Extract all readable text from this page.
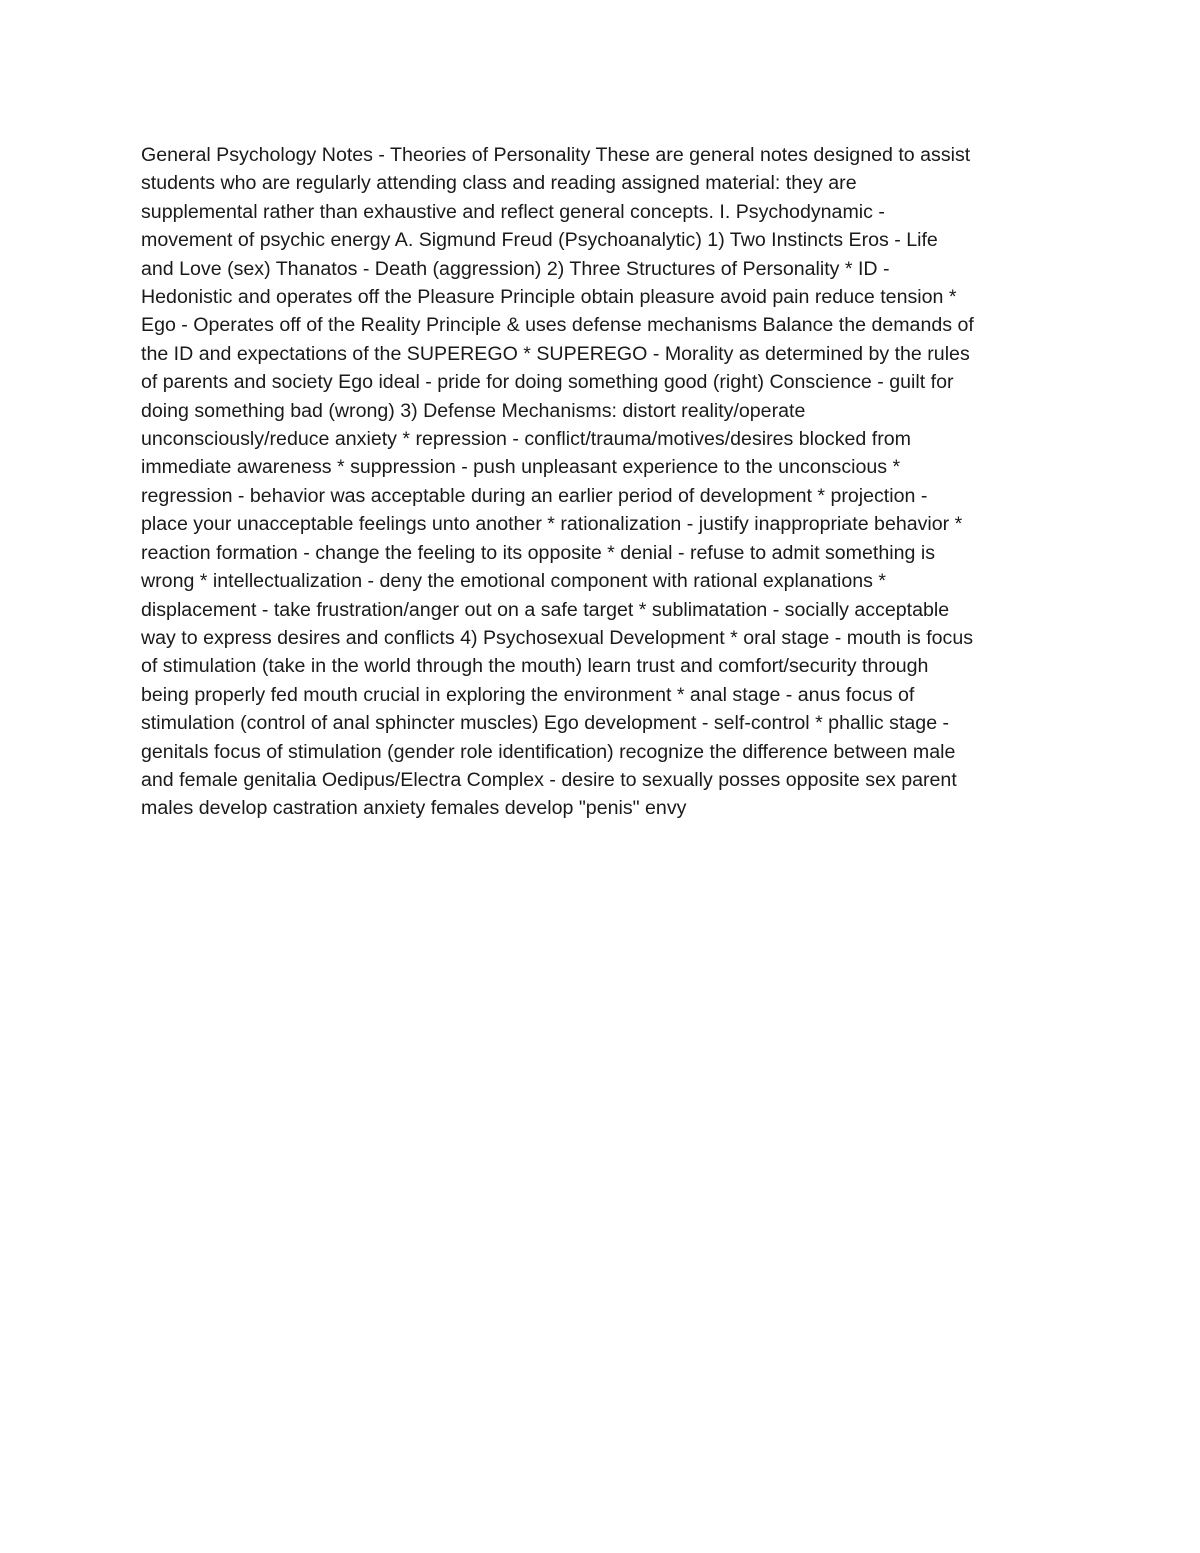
General Psychology Notes - Theories of Personality These are general notes designed to assist
students who are regularly attending class and reading assigned material: they are
supplemental rather than exhaustive and reflect general concepts. I. Psychodynamic -
movement of psychic energy A. Sigmund Freud (Psychoanalytic) 1) Two Instincts Eros - Life
and Love (sex) Thanatos - Death (aggression) 2) Three Structures of Personality * ID -
Hedonistic and operates off the Pleasure Principle obtain pleasure avoid pain reduce tension *
Ego - Operates off of the Reality Principle & uses defense mechanisms Balance the demands of
the ID and expectations of the SUPEREGO * SUPEREGO - Morality as determined by the rules
of parents and society Ego ideal - pride for doing something good (right) Conscience - guilt for
doing something bad (wrong) 3) Defense Mechanisms: distort reality/operate
unconsciously/reduce anxiety * repression - conflict/trauma/motives/desires blocked from
immediate awareness * suppression - push unpleasant experience to the unconscious *
regression - behavior was acceptable during an earlier period of development * projection -
place your unacceptable feelings unto another * rationalization - justify inappropriate behavior *
reaction formation - change the feeling to its opposite * denial - refuse to admit something is
wrong * intellectualization - deny the emotional component with rational explanations *
displacement - take frustration/anger out on a safe target * sublimatation - socially acceptable
way to express desires and conflicts 4) Psychosexual Development * oral stage - mouth is focus
of stimulation (take in the world through the mouth) learn trust and comfort/security through
being properly fed mouth crucial in exploring the environment * anal stage - anus focus of
stimulation (control of anal sphincter muscles) Ego development - self-control * phallic stage -
genitals focus of stimulation (gender role identification) recognize the difference between male
and female genitalia Oedipus/Electra Complex - desire to sexually posses opposite sex parent
males develop castration anxiety females develop "penis" envy
